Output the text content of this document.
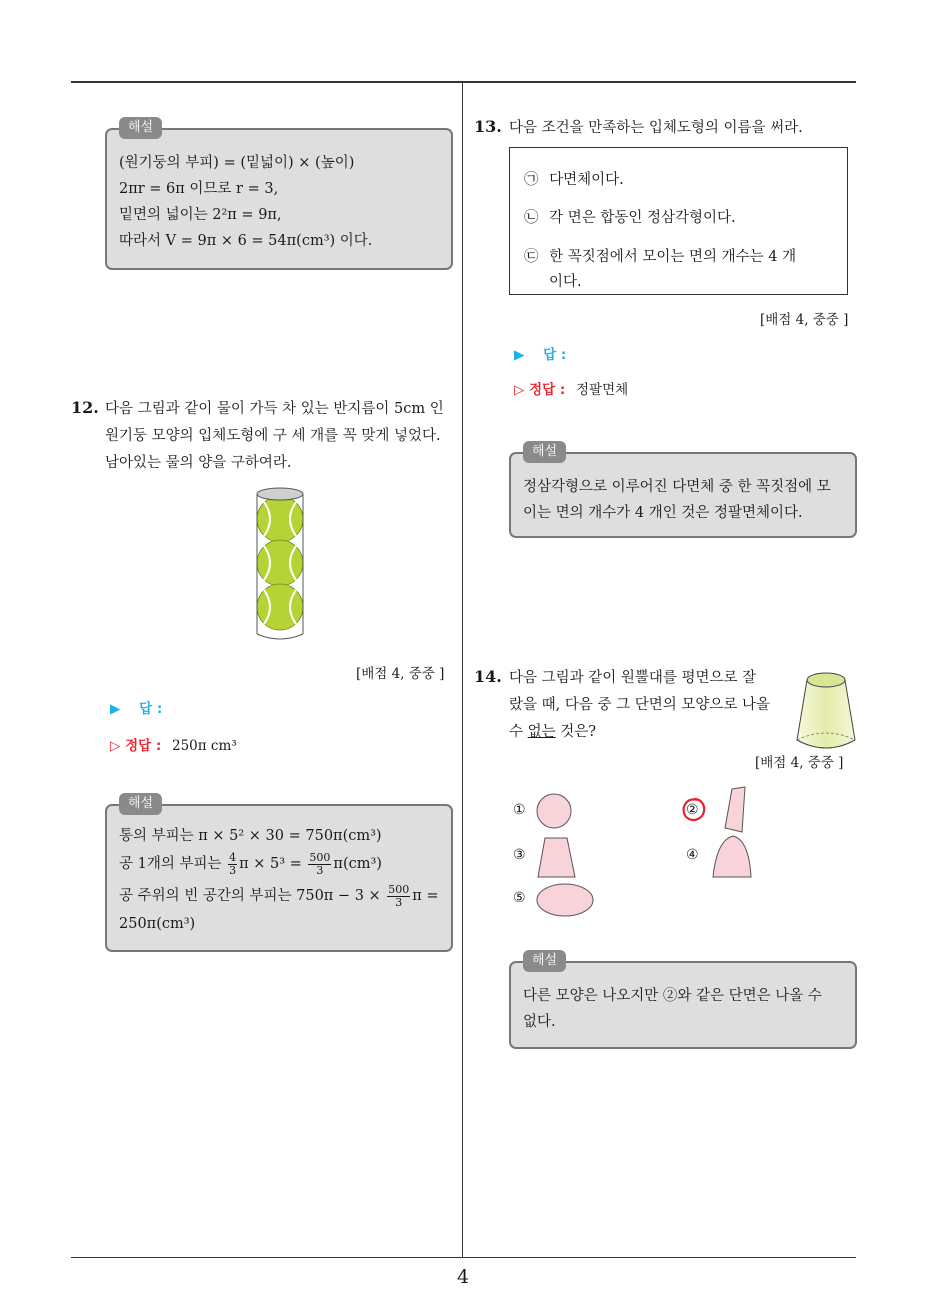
해설
(원기둥의 부피) = (밑넓이) × (높이)
2πr = 6π 이므로 r = 3,
밑면의 넓이는 2²π = 9π,
따라서 V = 9π × 6 = 54π(cm³) 이다.
12. 다음 그림과 같이 물이 가득 차 있는 반지름이 5cm 인
원기둥 모양의 입체도형에 구 세 개를 꼭 맞게 넣었다.
남아있는 물의 양을 구하여라.
[배점 4, 중중 ]
▶ 답 :
▷ 정답 : 250π cm³
해설
통의 부피는 π × 5² × 30 = 750π(cm³)
공 1개의 부피는 $\frac{4}{3}$ $\pi \times 5^3 = \frac{500}{3} \pi(cm^3)$
공 주위의 빈 공간의 부피는 $750\pi - 3 \times \frac{500}{3}$ π =
250π(cm³)
13. 다음 조건을 만족하는 입체도형의 이름을 써라.
㉠ 다면체이다.
㉡ 각 면은 합동인 정삼각형이다.
㉢ 한 꼭짓점에서 모이는 면의 개수는 4 개
이다.
[배점 4, 중중 ]
▶ 답 :
▷ 정답 : 정팔면체
해설
정삼각형으로 이루어진 다면체 중 한 꼭짓점에 모
이는 면의 개수가 4 개인 것은 정팔면체이다.
14. 다음 그림과 같이 원뿔대를 평면으로 잘
랐을 때, 다음 중 그 단면의 모양으로 나올
수 없는 것은?
[배점 4, 중중 ]
①	②
③	④
⑤
해설
다른 모양은 나오지만 ②와 같은 단면은 나올 수
없다.
4
